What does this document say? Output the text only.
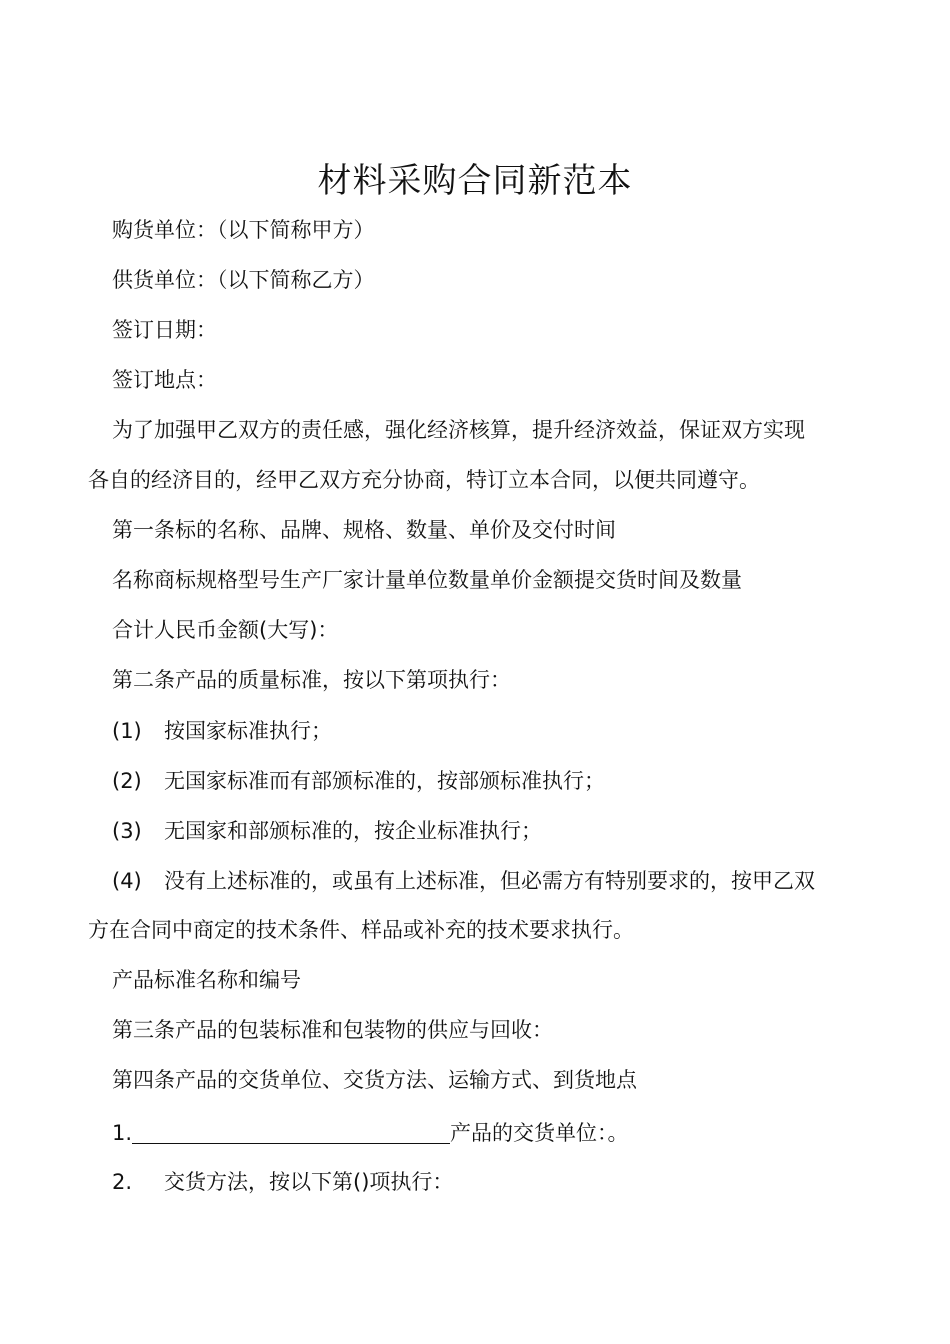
材料采购合同新范本
购货单位：（以下简称甲方）
供货单位：（以下简称乙方）
签订日期：
签订地点：
为了加强甲乙双方的责任感，强化经济核算，提升经济效益，保证双方实现
各自的经济目的，经甲乙双方充分协商，特订立本合同，以便共同遵守。
第一条标的名称、品牌、规格、数量、单价及交付时间
名称商标规格型号生产厂家计量单位数量单价金额提交货时间及数量
合计人民币金额(大写)：
第二条产品的质量标准，按以下第项执行：
(1) 按国家标准执行；
(2) 无国家标准而有部颁标准的，按部颁标准执行；
(3) 无国家和部颁标准的，按企业标准执行；
(4) 没有上述标准的，或虽有上述标准，但必需方有特别要求的，按甲乙双
方在合同中商定的技术条件、样品或补充的技术要求执行。
产品标准名称和编号
第三条产品的包装标准和包装物的供应与回收：
第四条产品的交货单位、交货方法、运输方式、到货地点
1.	产品的交货单位：。
2. 交货方法，按以下第()项执行：
